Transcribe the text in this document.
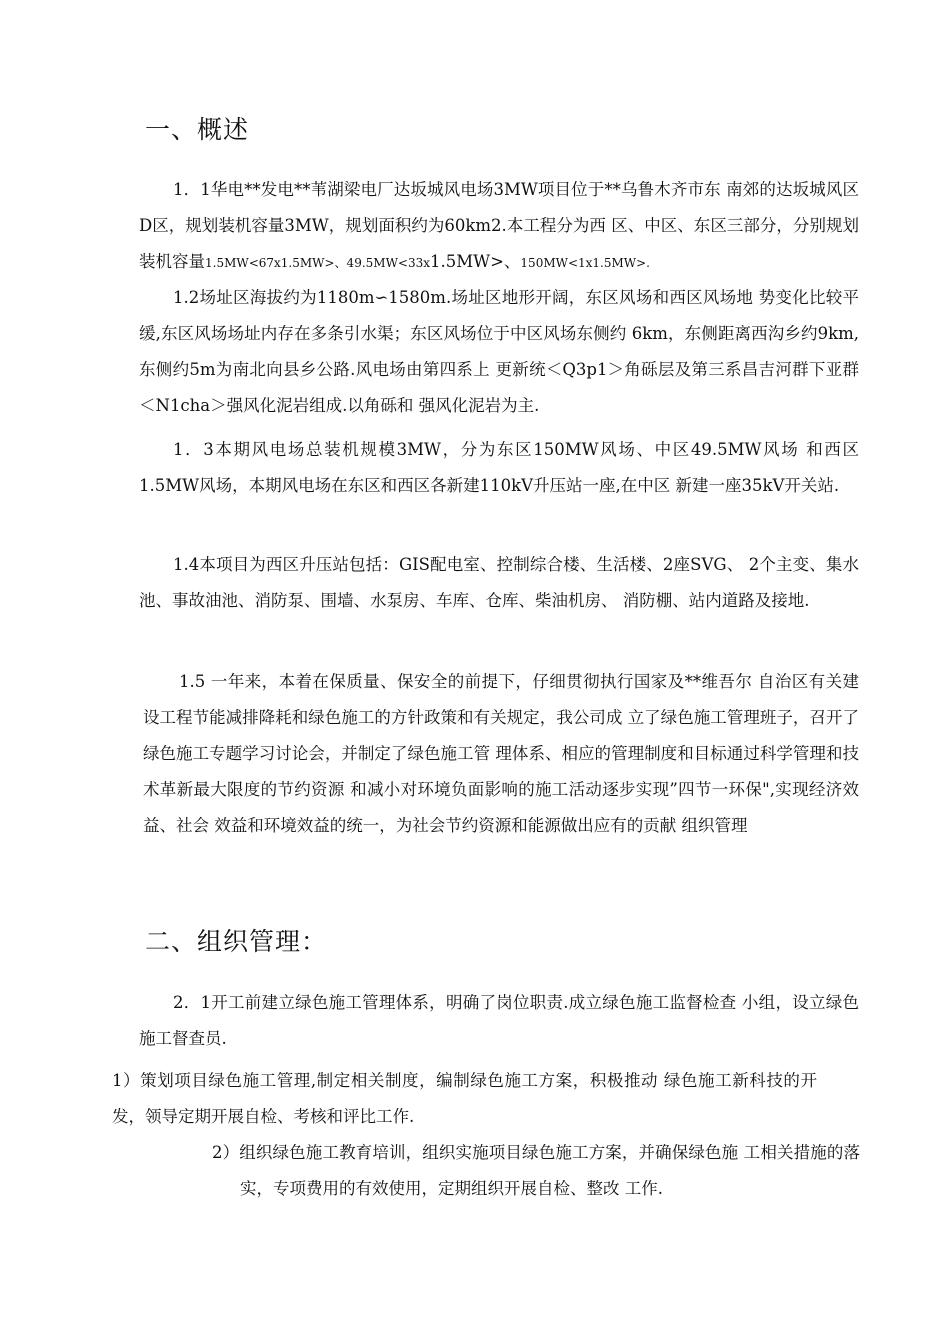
一、概述

1．1华电**发电**苇湖梁电厂达坂城风电场3MW项目位于**乌鲁木齐市东 南郊的达坂城风区D区，规划装机容量3MW，规划面积约为60km2.本工程分为西 区、中区、东区三部分，分别规划装机容量1.5MW<67x1.5MW>、49.5MW<33x1.5MW>、150MW<1x1.5MW>.

1.2场址区海拔约为1180m∽1580m.场址区地形开阔，东区风场和西区风场地 势变化比较平缓,东区风场场址内存在多条引水渠；东区风场位于中区风场东侧约 6km，东侧距离西沟乡约9km,东侧约5m为南北向县乡公路.风电场由第四系上 更新统＜Q3p1＞角砾层及第三系昌吉河群下亚群＜N1cha＞强风化泥岩组成.以角砾和 强风化泥岩为主.

1．3本期风电场总装机规模3MW，分为东区150MW风场、中区49.5MW风场 和西区1.5MW风场，本期风电场在东区和西区各新建110kV升压站一座,在中区 新建一座35kV开关站.

1.4本项目为西区升压站包括：GIS配电室、控制综合楼、生活楼、2座SVG、 2个主变、集水池、事故油池、消防泵、围墙、水泵房、车库、仓库、柴油机房、 消防棚、站内道路及接地.

1.5 一年来，本着在保质量、保安全的前提下，仔细贯彻执行国家及**维吾尔 自治区有关建设工程节能减排降耗和绿色施工的方针政策和有关规定，我公司成 立了绿色施工管理班子，召开了绿色施工专题学习讨论会，并制定了绿色施工管 理体系、相应的管理制度和目标通过科学管理和技术革新最大限度的节约资源 和减小对环境负面影响的施工活动逐步实现”四节一环保",实现经济效益、社会 效益和环境效益的统一，为社会节约资源和能源做出应有的贡献 组织管理

二、组织管理：

2．1开工前建立绿色施工管理体系，明确了岗位职责.成立绿色施工监督检查 小组，设立绿色施工督查员.

1）策划项目绿色施工管理,制定相关制度，编制绿色施工方案，积极推动 绿色施工新科技的开发，领导定期开展自检、考核和评比工作.

2）组织绿色施工教育培训，组织实施项目绿色施工方案，并确保绿色施 工相关措施的落实，专项费用的有效使用，定期组织开展自检、整改 工作.
